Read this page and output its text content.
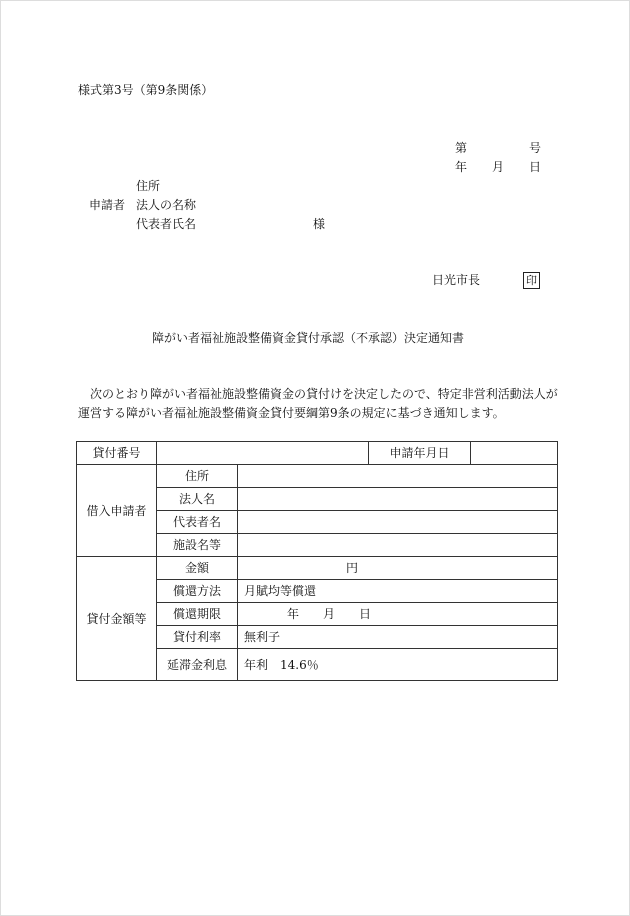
様式第3号（第9条関係）
第	号
年 月 日
住所
申請者 法人の名称
代表者氏名	様
日光市長	印
障がい者福祉施設整備資金貸付承認（不承認）決定通知書
次のとおり障がい者福祉施設整備資金の貸付けを決定したので、特定非営利活動法人が
運営する障がい者福祉施設整備資金貸付要綱第9条の規定に基づき通知します。
貸付番号			申請年月日	
借入申請者	住所			
	法人名			
	代表者名			
	施設名等			
貸付金額等	金額	円		
	償還方法	月賦均等償還		
	償還期限	年 月 日		
	貸付利率	無利子		
	延滞金利息	年利　14.6％		
